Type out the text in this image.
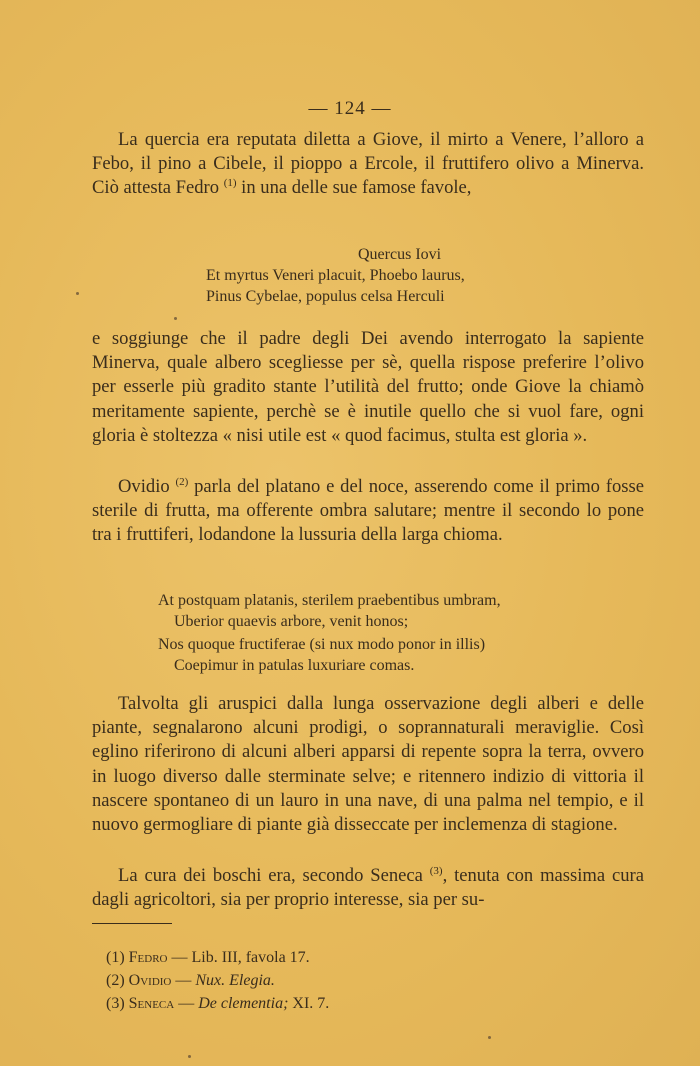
— 124 —

La quercia era reputata diletta a Giove, il mirto a Venere, l’alloro a Febo, il pino a Cibele, il pioppo a Ercole, il fruttifero olivo a Minerva. Ciò attesta Fedro $^{(1)}$ in una delle sue famose favole,

Quercus Iovi
Et myrtus Veneri placuit, Phoebo laurus,
Pinus Cybelae, populus celsa Herculi

e soggiunge che il padre degli Dei avendo interrogato la sapiente Minerva, quale albero scegliesse per sè, quella rispose preferire l’olivo per esserle più gradito stante l’utilità del frutto; onde Giove la chiamò meritamente sapiente, perchè se è inutile quello che si vuol fare, ogni gloria è stoltezza « nisi utile est « quod facimus, stulta est gloria ».

Ovidio $^{(2)}$ parla del platano e del noce, asserendo come il primo fosse sterile di frutta, ma offerente ombra salutare; mentre il secondo lo pone tra i fruttiferi, lodandone la lussuria della larga chioma.

At postquam platanis, sterilem praebentibus umbram,
Uberior quaevis arbore, venit honos;
Nos quoque fructiferae (si nux modo ponor in illis)
Coepimur in patulas luxuriare comas.

Talvolta gli aruspici dalla lunga osservazione degli alberi e delle piante, segnalarono alcuni prodigi, o soprannaturali meraviglie. Così eglino riferirono di alcuni alberi apparsi di repente sopra la terra, ovvero in luogo diverso dalle sterminate selve; e ritennero indizio di vittoria il nascere spontaneo di un lauro in una nave, di una palma nel tempio, e il nuovo germogliare di piante già disseccate per inclemenza di stagione.

La cura dei boschi era, secondo Seneca $^{(3)}$, tenuta con massima cura dagli agricoltori, sia per proprio interesse, sia per su-

(1) Fedro — Lib. III, favola 17.
(2) Ovidio — Nux. Elegia.
(3) Seneca — De clementia; XI. 7.
